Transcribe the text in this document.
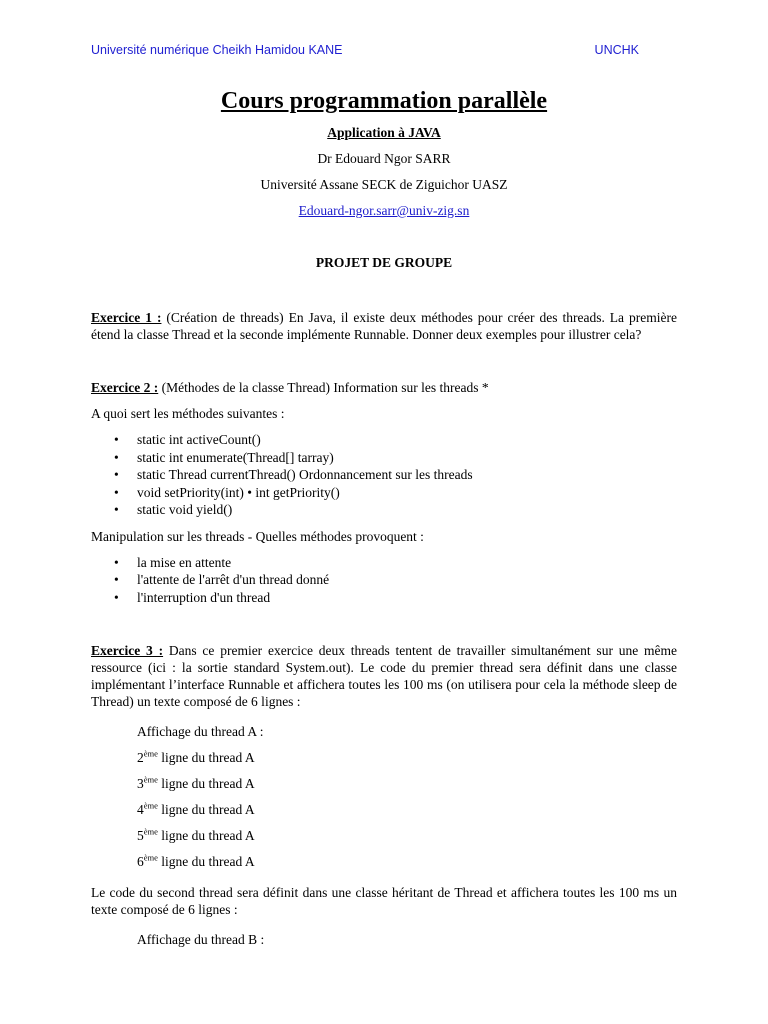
Université numérique Cheikh Hamidou KANE	UNCHK
Cours programmation parallèle
Application à JAVA
Dr Edouard Ngor SARR
Université Assane SECK de Ziguichor UASZ
Edouard-ngor.sarr@univ-zig.sn
PROJET DE GROUPE

Exercice 1 : (Création de threads) En Java, il existe deux méthodes pour créer des threads. La première étend la classe Thread et la seconde implémente Runnable. Donner deux exemples pour illustrer cela?

Exercice 2 : (Méthodes de la classe Thread) Information sur les threads *

A quoi sert les méthodes suivantes :

• static int activeCount()
• static int enumerate(Thread[] tarray)
• static Thread currentThread() Ordonnancement sur les threads
• void setPriority(int) • int getPriority()
• static void yield()

Manipulation sur les threads - Quelles méthodes provoquent :

• la mise en attente
• l'attente de l'arrêt d'un thread donné
• l'interruption d'un thread

Exercice 3 : Dans ce premier exercice deux threads tentent de travailler simultanément sur une même ressource (ici : la sortie standard System.out). Le code du premier thread sera définit dans une classe implémentant l’interface Runnable et affichera toutes les 100 ms (on utilisera pour cela la méthode sleep de Thread) un texte composé de 6 lignes :

Affichage du thread A :
2ème ligne du thread A
3ème ligne du thread A
4ème ligne du thread A
5ème ligne du thread A
6ème ligne du thread A

Le code du second thread sera définit dans une classe héritant de Thread et affichera toutes les 100 ms un texte composé de 6 lignes :

Affichage du thread B :
